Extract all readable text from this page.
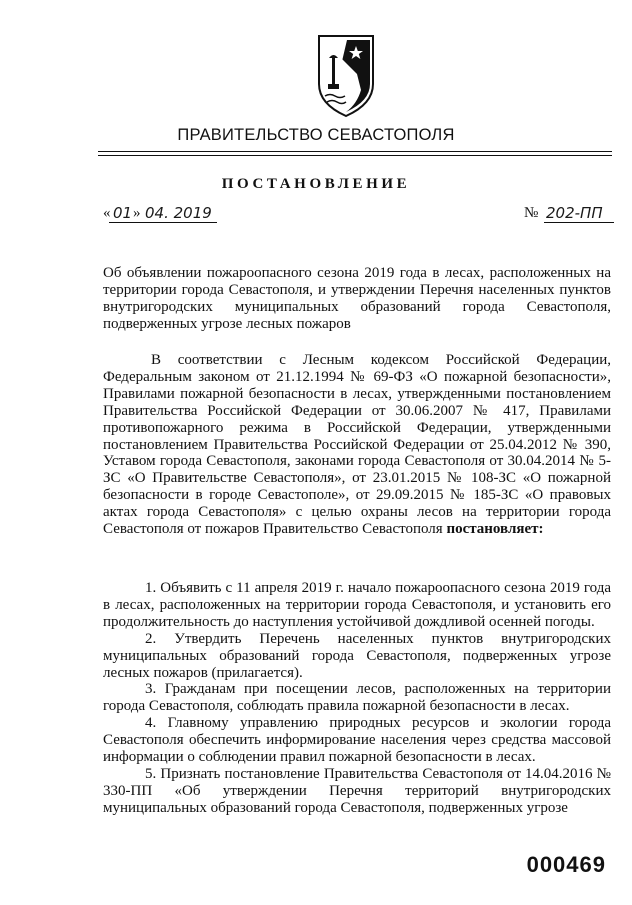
ПРАВИТЕЛЬСТВО СЕВАСТОПОЛЯ
ПОСТАНОВЛЕНИЕ
« 01 » 04. 2019	№ 202-ПП
Об объявлении пожароопасного сезона 2019 года в лесах, расположенных на территории города Севастополя, и утверждении Перечня населенных пунктов внутригородских муниципальных образований города Севастополя, подверженных угрозе лесных пожаров
В соответствии с Лесным кодексом Российской Федерации, Федеральным законом от 21.12.1994 № 69-ФЗ «О пожарной безопасности», Правилами пожарной безопасности в лесах, утвержденными постановлением Правительства Российской Федерации от 30.06.2007 № 417, Правилами противопожарного режима в Российской Федерации, утвержденными постановлением Правительства Российской Федерации от 25.04.2012 № 390, Уставом города Севастополя, законами города Севастополя от 30.04.2014 № 5-ЗС «О Правительстве Севастополя», от 23.01.2015 № 108-ЗС «О пожарной безопасности в городе Севастополе», от 29.09.2015 № 185-ЗС «О правовых актах города Севастополя» с целью охраны лесов на территории города Севастополя от пожаров Правительство Севастополя постановляет:

1. Объявить с 11 апреля 2019 г. начало пожароопасного сезона 2019 года в лесах, расположенных на территории города Севастополя, и установить его продолжительность до наступления устойчивой дождливой осенней погоды.

2. Утвердить Перечень населенных пунктов внутригородских муниципальных образований города Севастополя, подверженных угрозе лесных пожаров (прилагается).

3. Гражданам при посещении лесов, расположенных на территории города Севастополя, соблюдать правила пожарной безопасности в лесах.

4. Главному управлению природных ресурсов и экологии города Севастополя обеспечить информирование населения через средства массовой информации о соблюдении правил пожарной безопасности в лесах.

5. Признать постановление Правительства Севастополя от 14.04.2016 № 330-ПП «Об утверждении Перечня территорий внутригородских муниципальных образований города Севастополя, подверженных угрозе

000469
